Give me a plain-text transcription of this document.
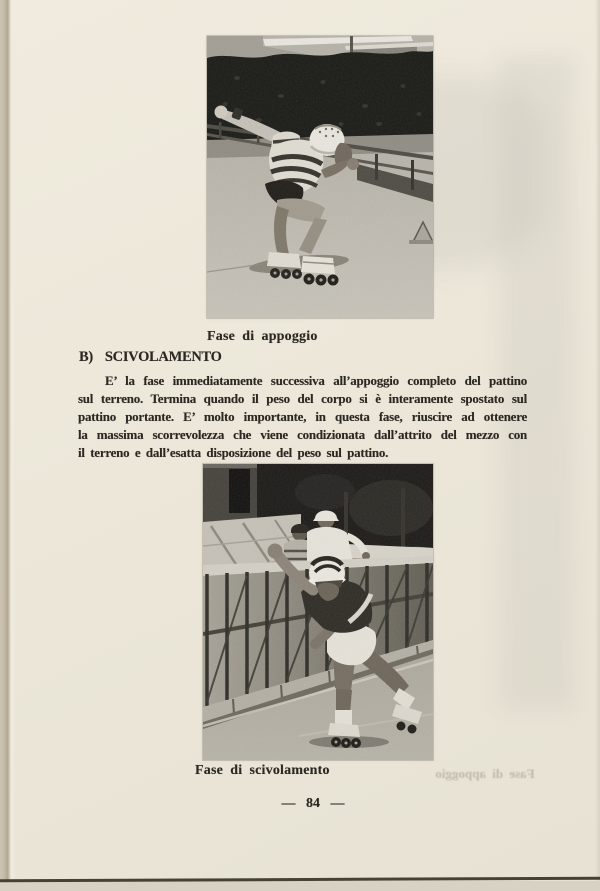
Fase di appoggio
B) SCIVOLAMENTO
E’ la fase immediatamente successiva all’appoggio completo del pattino
sul terreno. Termina quando il peso del corpo si è interamente spostato sul
pattino portante. E’ molto importante, in questa fase, riuscire ad ottenere
la massima scorrevolezza che viene condizionata dall’attrito del mezzo con
il terreno e dall’esatta disposizione del peso sul pattino.
Fase di scivolamento	Fase di appoggio
— 84 —
